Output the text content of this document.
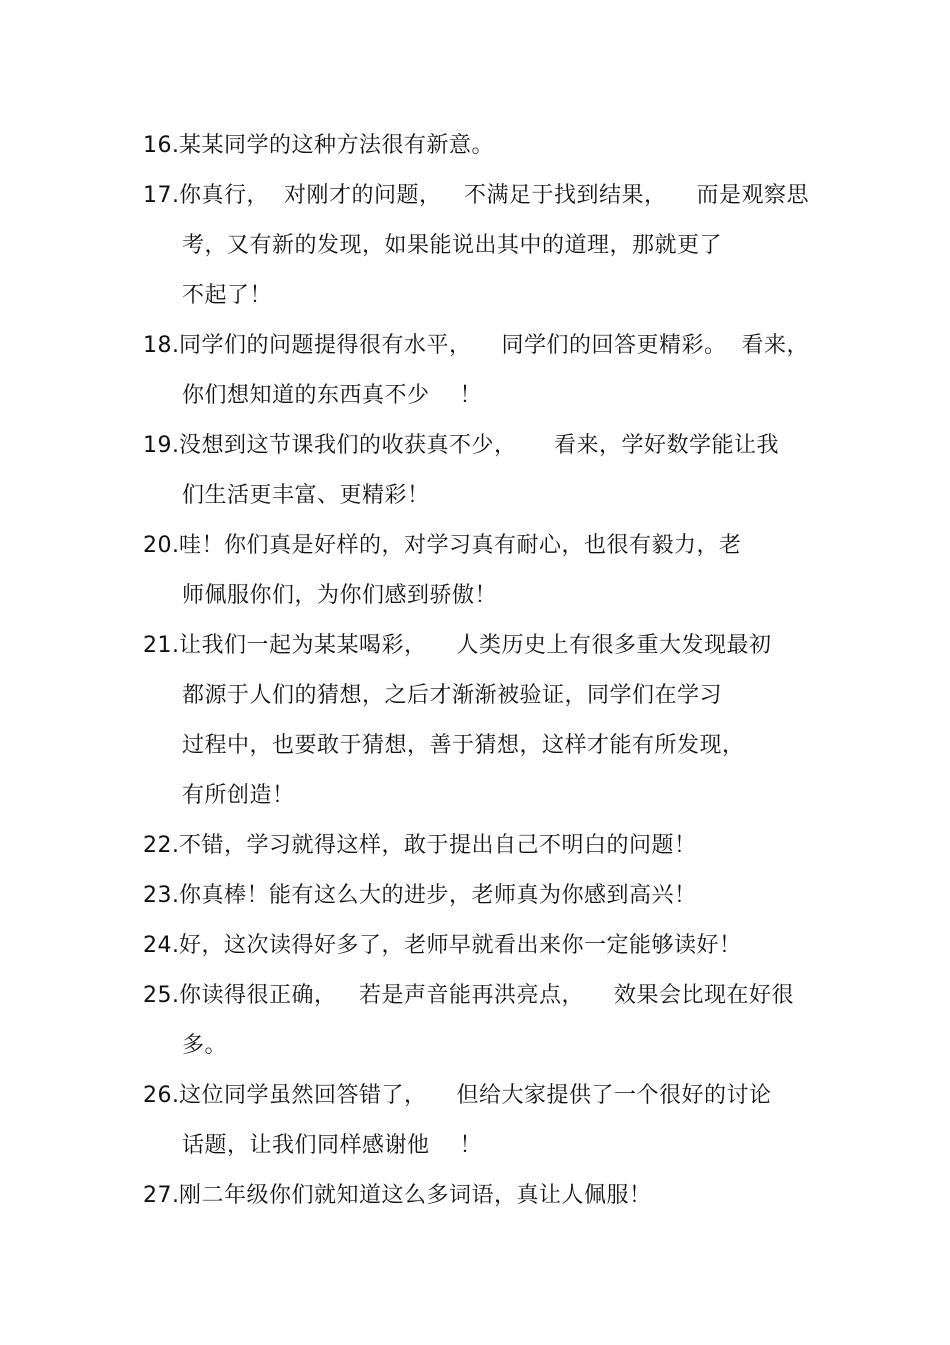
16.某某同学的这种方法很有新意。
17.你真行，  对刚才的问题，   不满足于找到结果，    而是观察思
考，又有新的发现，如果能说出其中的道理，那就更了
不起了！
18.同学们的问题提得很有水平，    同学们的回答更精彩。  看来，
你们想知道的东西真不少    ！
19.没想到这节课我们的收获真不少，     看来，学好数学能让我
们生活更丰富、更精彩！
20.哇！你们真是好样的，对学习真有耐心，也很有毅力，老
师佩服你们，为你们感到骄傲！
21.让我们一起为某某喝彩，    人类历史上有很多重大发现最初
都源于人们的猜想，之后才渐渐被验证，同学们在学习
过程中，也要敢于猜想，善于猜想，这样才能有所发现，
有所创造！
22.不错，学习就得这样，敢于提出自己不明白的问题！
23.你真棒！能有这么大的进步，老师真为你感到高兴！
24.好，这次读得好多了，老师早就看出来你一定能够读好！
25.你读得很正确，   若是声音能再洪亮点，    效果会比现在好很
多。
26.这位同学虽然回答错了，    但给大家提供了一个很好的讨论
话题，让我们同样感谢他    ！
27.刚二年级你们就知道这么多词语，真让人佩服！
